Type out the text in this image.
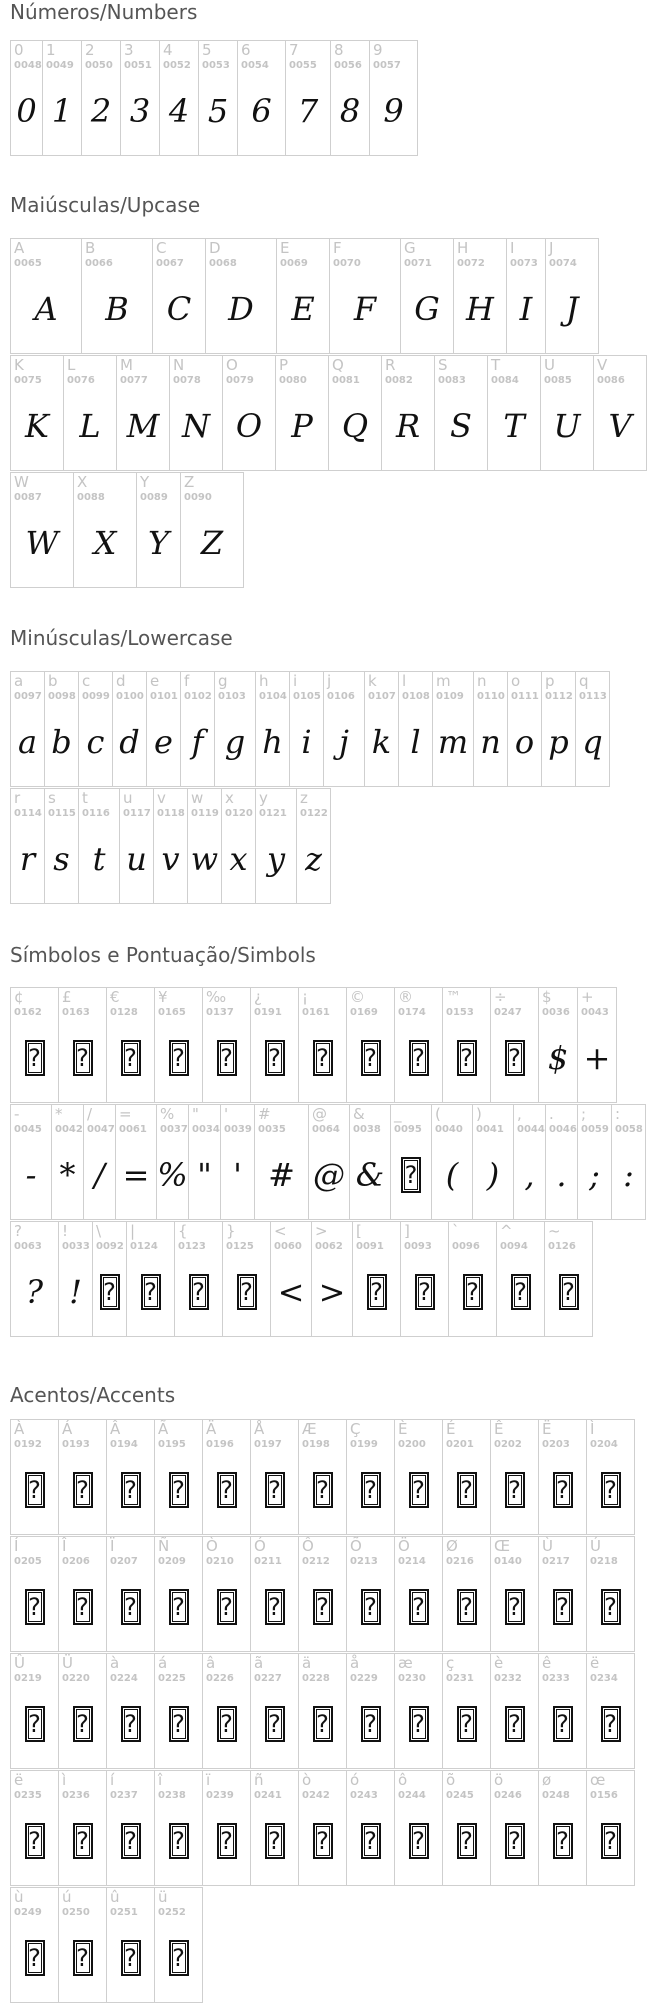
Números/Numbers
0
0048
0
1
0049
1
2
0050
2
3
0051
3
4
0052
4
5
0053
5
6
0054
6
7
0055
7
8
0056
8
9
0057
9
Maiúsculas/Upcase
A
0065
A
B
0066
B
C
0067
C
D
0068
D
E
0069
E
F
0070
F
G
0071
G
H
0072
H
I
0073
I
J
0074
J
K
0075
K
L
0076
L
M
0077
M
N
0078
N
O
0079
O
P
0080
P
Q
0081
Q
R
0082
R
S
0083
S
T
0084
T
U
0085
U
V
0086
V
W
0087
W
X
0088
X
Y
0089
Y
Z
0090
Z
Minúsculas/Lowercase
a
0097
a
b
0098
b
c
0099
c
d
0100
d
e
0101
e
f
0102
f
g
0103
g
h
0104
h
i
0105
i
j
0106
j
k
0107
k
l
0108
l
m
0109
m
n
0110
n
o
0111
o
p
0112
p
q
0113
q
r
0114
r
s
0115
s
t
0116
t
u
0117
u
v
0118
v
w
0119
w
x
0120
x
y
0121
y
z
0122
z
Símbolos e Pontuação/Simbols
¢
0162
?
£
0163
?
€
0128
?
¥
0165
?
‰
0137
?
¿
0191
?
¡
0161
?
©
0169
?
®
0174
?
™
0153
?
÷
0247
?
$
0036
$
+
0043
+
-
0045
-
*
0042
*
/
0047
/
=
0061
=
%
0037
%
"
0034
"
'
0039
'
#
0035
#
@
0064
@
&
0038
&
_
0095
?
(
0040
(
)
0041
)
,
0044
,
.
0046
.
;
0059
;
:
0058
:
?
0063
?
!
0033
!
\
0092
?
|
0124
?
{
0123
?
}
0125
?
<
0060
<
>
0062
>
[
0091
?
]
0093
?
`
0096
?
^
0094
?
~
0126
?
Acentos/Accents
À
0192
?
Á
0193
?
Â
0194
?
Ã
0195
?
Ä
0196
?
Å
0197
?
Æ
0198
?
Ç
0199
?
È
0200
?
É
0201
?
Ê
0202
?
Ë
0203
?
Ì
0204
?
Í
0205
?
Î
0206
?
Ï
0207
?
Ñ
0209
?
Ò
0210
?
Ó
0211
?
Ô
0212
?
Õ
0213
?
Ö
0214
?
Ø
0216
?
Œ
0140
?
Ù
0217
?
Ú
0218
?
Û
0219
?
Ü
0220
?
à
0224
?
á
0225
?
â
0226
?
ã
0227
?
ä
0228
?
å
0229
?
æ
0230
?
ç
0231
?
è
0232
?
ê
0233
?
ë
0234
?
ë
0235
?
ì
0236
?
í
0237
?
î
0238
?
ï
0239
?
ñ
0241
?
ò
0242
?
ó
0243
?
ô
0244
?
õ
0245
?
ö
0246
?
ø
0248
?
œ
0156
?
ù
0249
?
ú
0250
?
û
0251
?
ü
0252
?
